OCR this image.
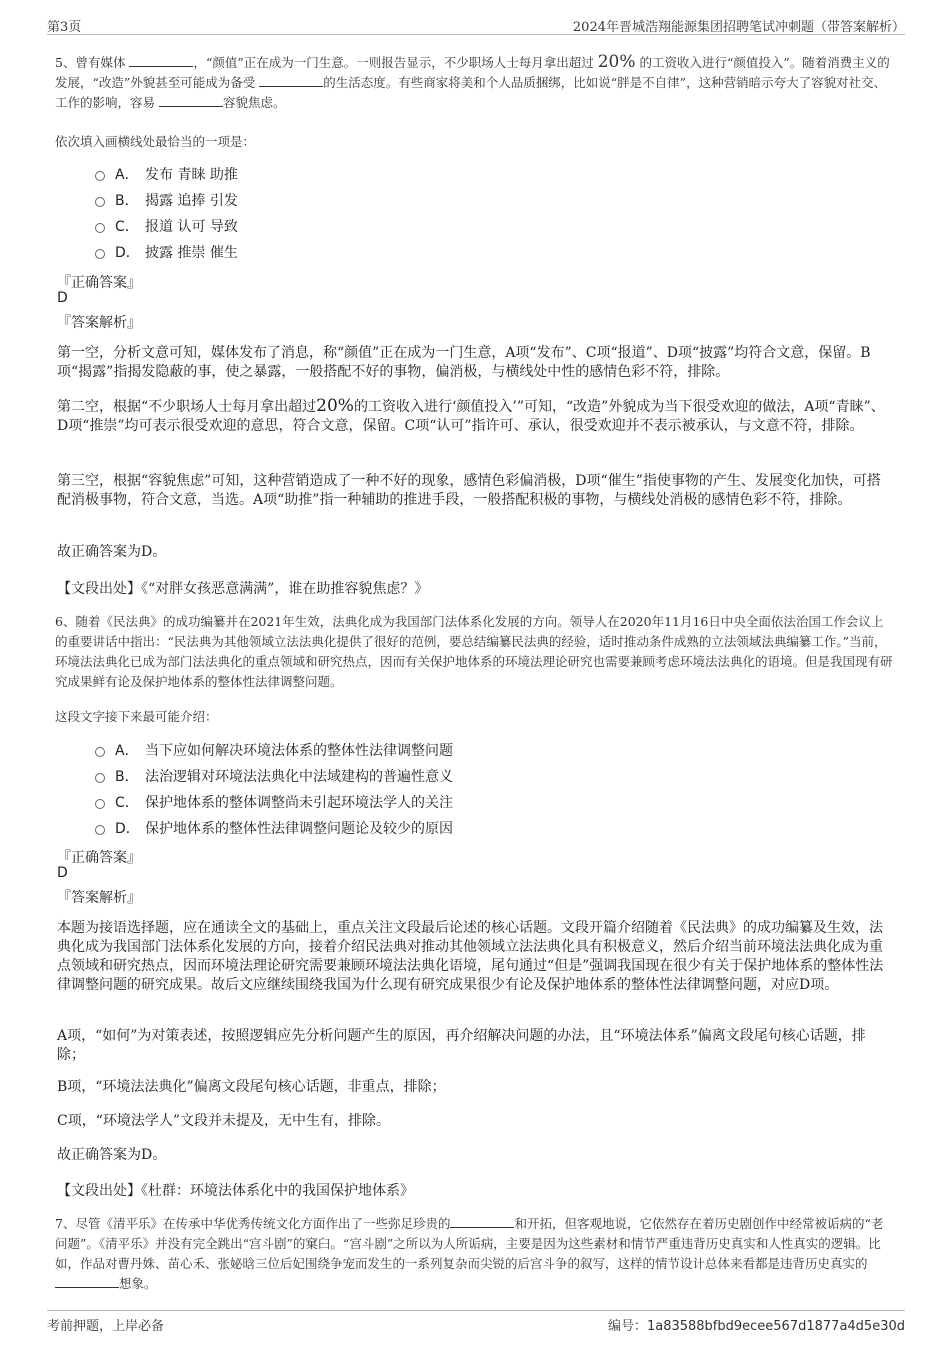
第3页	2024年晋城浩翔能源集团招聘笔试冲刺题（带答案解析）
5、曾有媒体	，“颜值”正在成为一门生意。一则报告显示，不少职场人士每月拿出超过 20% 的工资收入进行“颜值投入”。随着消费主义的发展，“改造”外貌甚至可能成为备受	的生活态度。有些商家将美和个人品质捆绑，比如说“胖是不自律”，这种营销暗示夸大了容貌对社交、工作的影响，容易	容貌焦虑。
依次填入画横线处最恰当的一项是：
A． 发布 青睐 助推
B． 揭露 追捧 引发
C． 报道 认可 导致
D． 披露 推崇 催生
『正确答案』
D
『答案解析』
第一空，分析文意可知，媒体发布了消息，称“颜值”正在成为一门生意，A项“发布”、C项“报道”、D项“披露”均符合文意，保留。B项“揭露”指揭发隐蔽的事，使之暴露，一般搭配不好的事物，偏消极，与横线处中性的感情色彩不符，排除。
第二空，根据“不少职场人士每月拿出超过20%的工资收入进行‘颜值投入’”可知，“改造”外貌成为当下很受欢迎的做法，A项“青睐”、D项“推崇”均可表示很受欢迎的意思，符合文意，保留。C项“认可”指许可、承认，很受欢迎并不表示被承认，与文意不符，排除。
第三空，根据“容貌焦虑”可知，这种营销造成了一种不好的现象，感情色彩偏消极，D项“催生”指使事物的产生、发展变化加快，可搭配消极事物，符合文意，当选。A项“助推”指一种辅助的推进手段，一般搭配积极的事物，与横线处消极的感情色彩不符，排除。
故正确答案为D。
【文段出处】《“对胖女孩恶意满满”，谁在助推容貌焦虑？》
6、随着《民法典》的成功编纂并在2021年生效，法典化成为我国部门法体系化发展的方向。领导人在2020年11月16日中央全面依法治国工作会议上的重要讲话中指出：“民法典为其他领域立法法典化提供了很好的范例，要总结编纂民法典的经验，适时推动条件成熟的立法领域法典编纂工作。”当前，环境法法典化已成为部门法法典化的重点领域和研究热点，因而有关保护地体系的环境法理论研究也需要兼顾考虑环境法法典化的语境。但是我国现有研究成果鲜有论及保护地体系的整体性法律调整问题。
这段文字接下来最可能介绍：
A． 当下应如何解决环境法体系的整体性法律调整问题
B． 法治逻辑对环境法法典化中法域建构的普遍性意义
C． 保护地体系的整体调整尚未引起环境法学人的关注
D． 保护地体系的整体性法律调整问题论及较少的原因
『正确答案』
D
『答案解析』
本题为接语选择题，应在通读全文的基础上，重点关注文段最后论述的核心话题。文段开篇介绍随着《民法典》的成功编纂及生效，法典化成为我国部门法体系化发展的方向，接着介绍民法典对推动其他领域立法法典化具有积极意义，然后介绍当前环境法法典化成为重点领域和研究热点，因而环境法理论研究需要兼顾环境法法典化语境，尾句通过“但是”强调我国现在很少有关于保护地体系的整体性法律调整问题的研究成果。故后文应继续围绕我国为什么现有研究成果很少有论及保护地体系的整体性法律调整问题，对应D项。
A项，“如何”为对策表述，按照逻辑应先分析问题产生的原因，再介绍解决问题的办法，且“环境法体系”偏离文段尾句核心话题，排除；
B项，“环境法法典化”偏离文段尾句核心话题，非重点，排除；
C项，“环境法学人”文段并未提及，无中生有，排除。
故正确答案为D。
【文段出处】《杜群：环境法体系化中的我国保护地体系》
7、尽管《清平乐》在传承中华优秀传统文化方面作出了一些弥足珍贵的	和开拓，但客观地说，它依然存在着历史剧创作中经常被诟病的“老问题”。《清平乐》并没有完全跳出“宫斗剧”的窠臼。“宫斗剧”之所以为人所诟病，主要是因为这些素材和情节严重违背历史真实和人性真实的逻辑。比如，作品对曹丹姝、苗心禾、张妼晗三位后妃围绕争宠而发生的一系列复杂而尖锐的后宫斗争的叙写，这样的情节设计总体来看都是违背历史真实的想象。
考前押题，上岸必备	编号：1a83588bfbd9ecee567d1877a4d5e30d
